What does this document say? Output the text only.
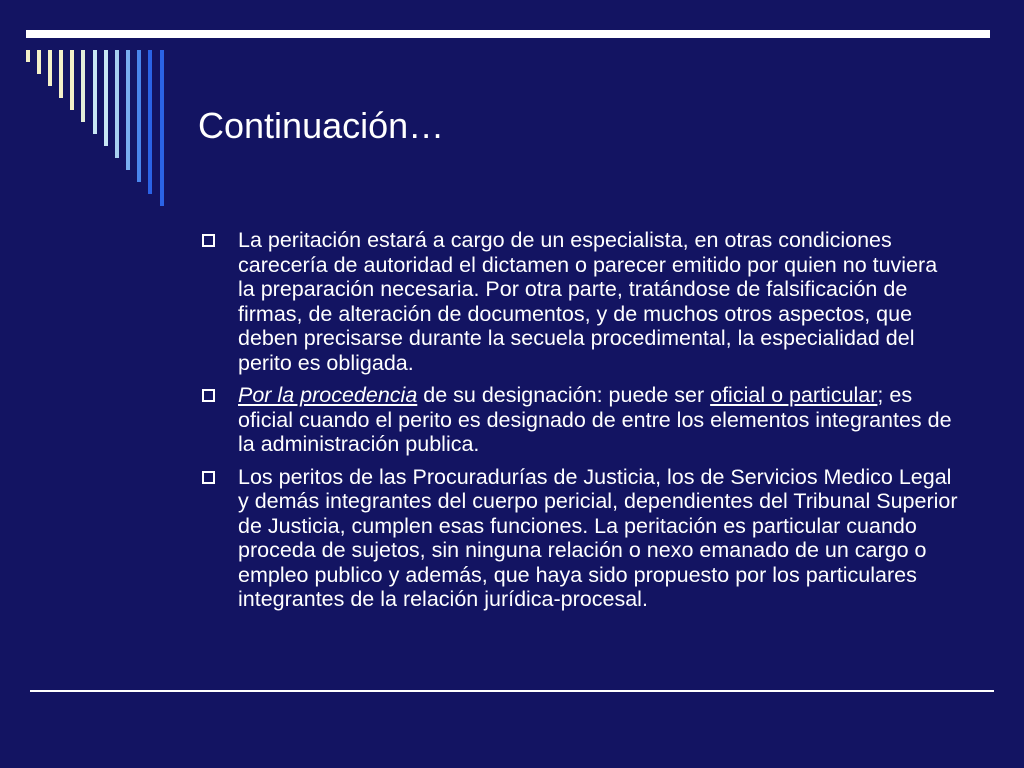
Continuación…
La peritación estará a cargo de un especialista, en otras condiciones carecería de autoridad el dictamen o parecer emitido por quien no tuviera la preparación necesaria. Por otra parte, tratándose de falsificación de firmas, de alteración de documentos, y de muchos otros aspectos, que deben precisarse durante la secuela procedimental, la especialidad del perito es obligada.
Por la procedencia de su designación: puede ser oficial o particular; es oficial cuando el perito es designado de entre los elementos integrantes de la administración publica.
Los peritos de las Procuradurías de Justicia, los de Servicios Medico Legal y demás integrantes del cuerpo pericial, dependientes del Tribunal Superior de Justicia, cumplen esas funciones. La peritación es particular cuando proceda de sujetos, sin ninguna relación o nexo emanado de un cargo o empleo publico y además, que haya sido propuesto por los particulares integrantes de la relación jurídica-procesal.
